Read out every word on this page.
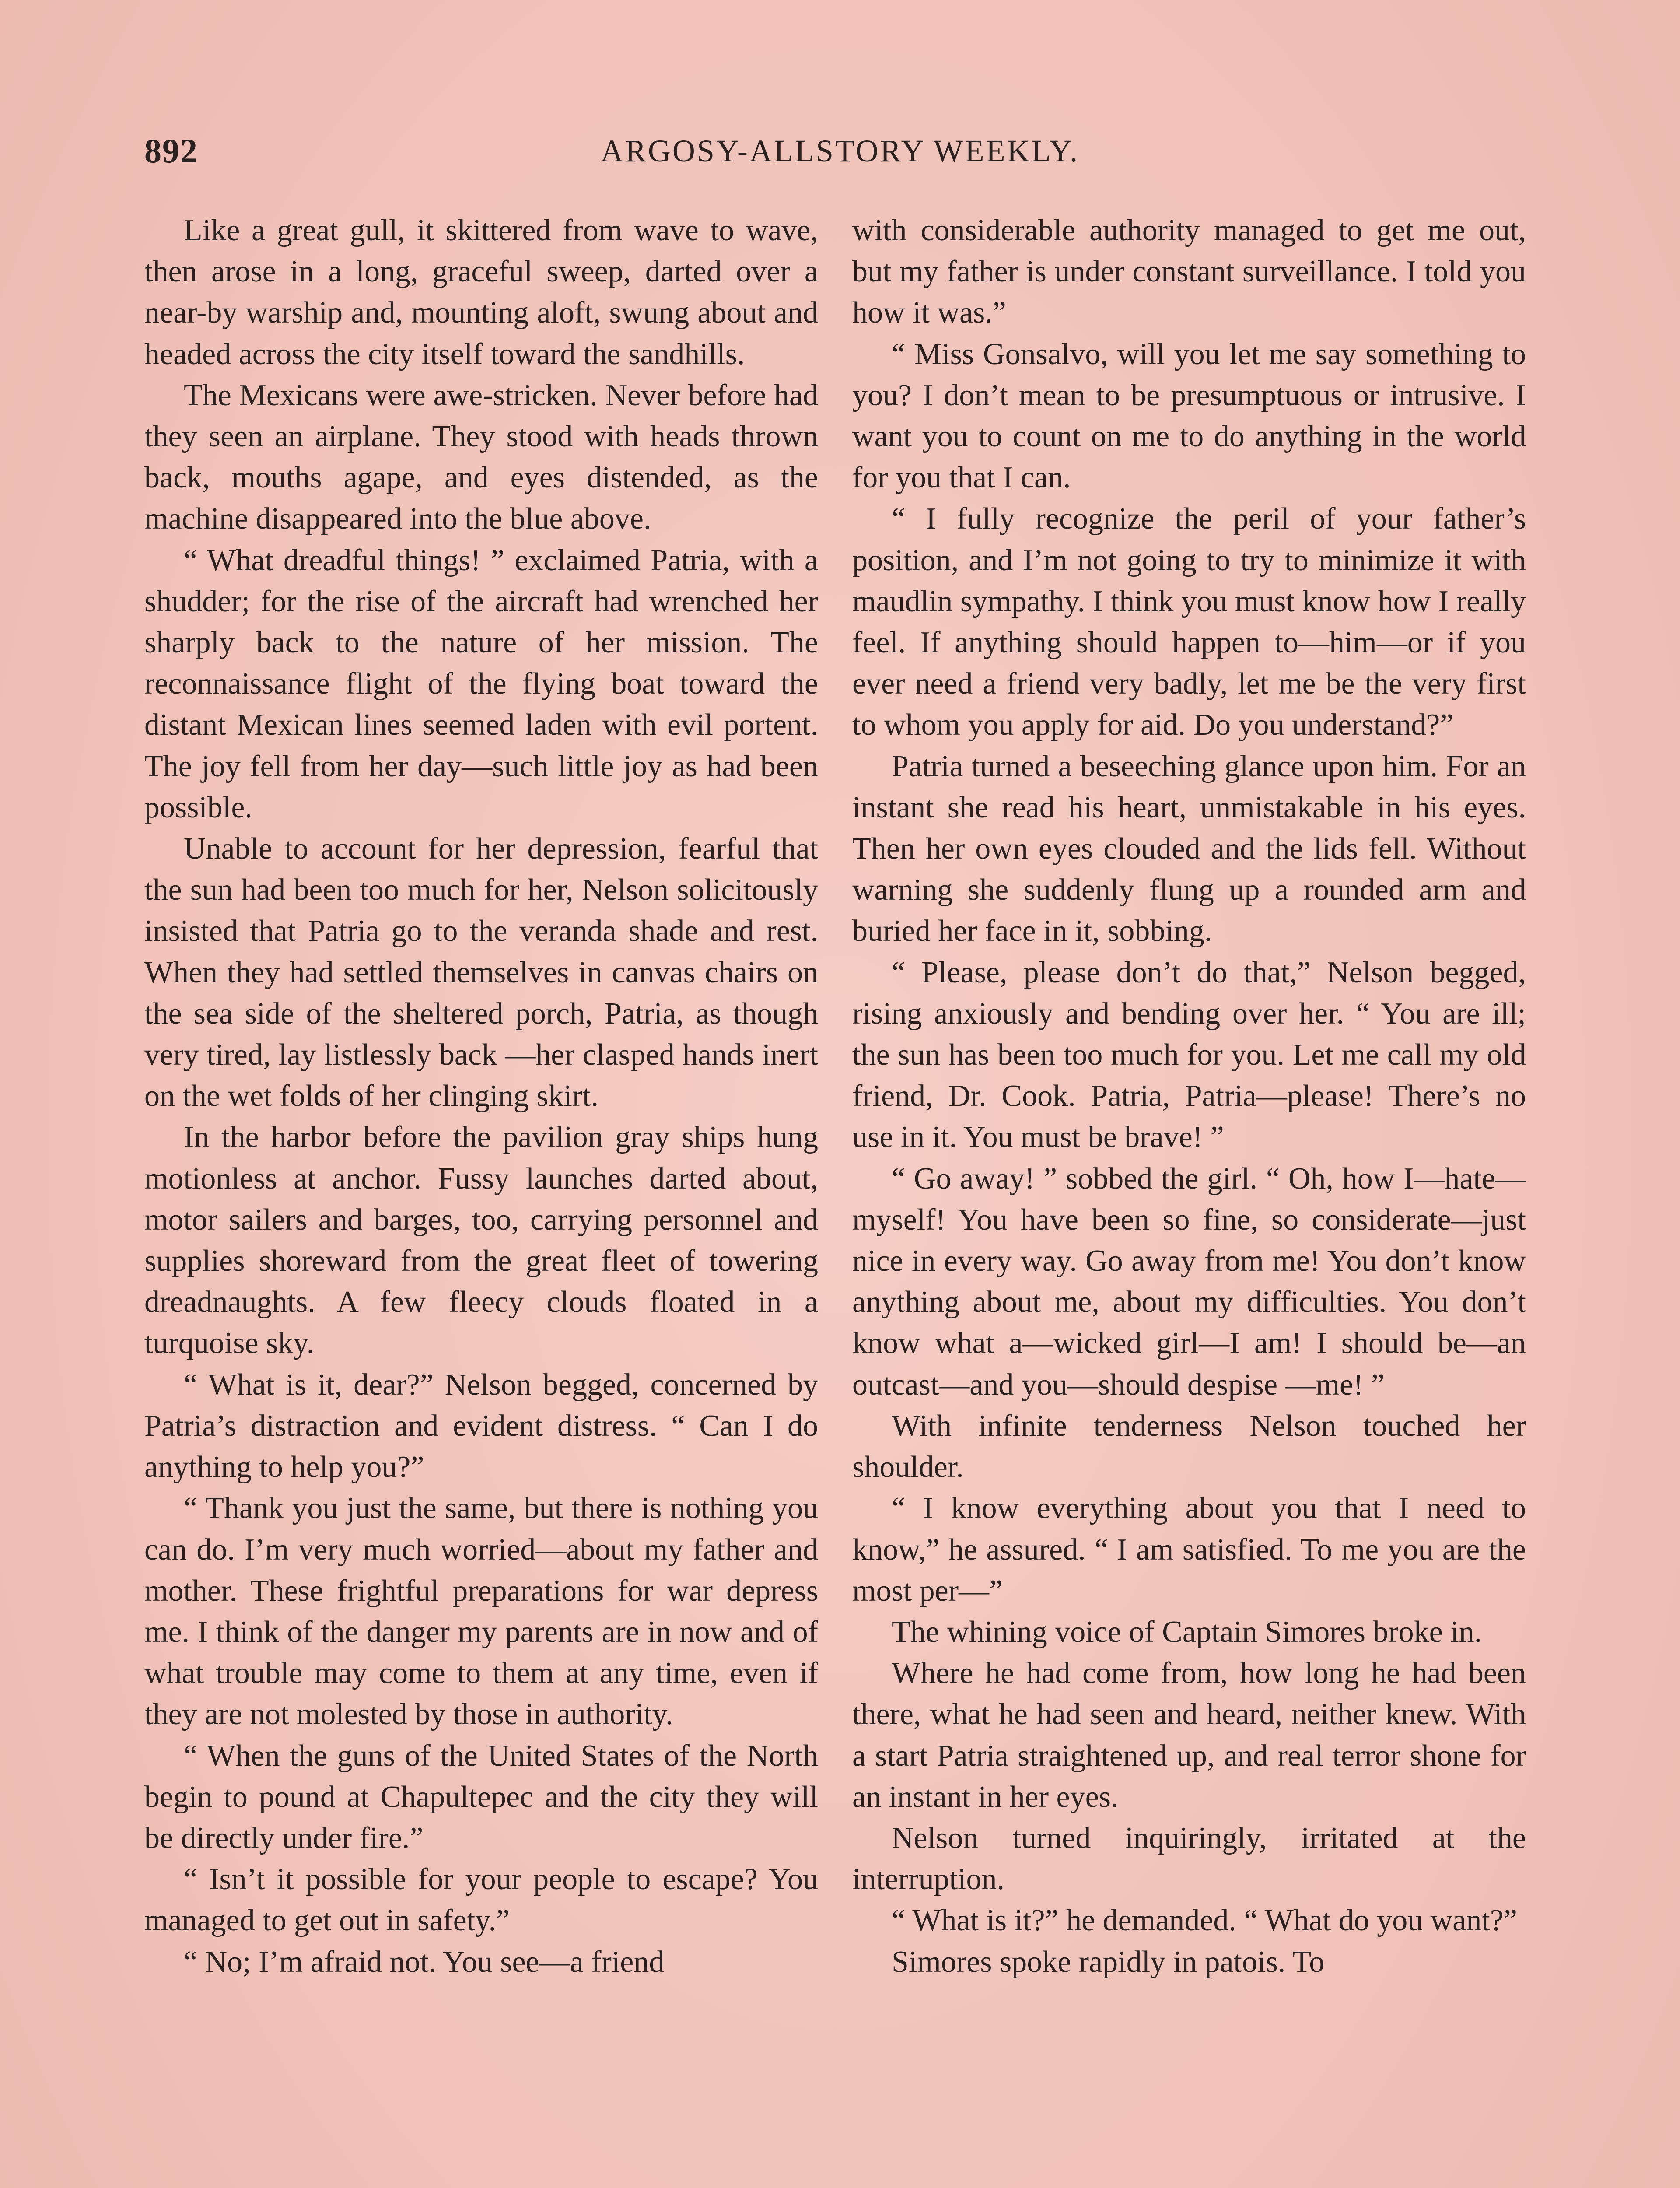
892	ARGOSY-ALLSTORY WEEKLY.

Like a great gull, it skittered from wave to wave, then arose in a long, graceful sweep, darted over a near-by warship and, mounting aloft, swung about and headed across the city itself toward the sandhills.

The Mexicans were awe-stricken. Never before had they seen an airplane. They stood with heads thrown back, mouths agape, and eyes distended, as the machine disappeared into the blue above.

“ What dreadful things! ” exclaimed Patria, with a shudder; for the rise of the aircraft had wrenched her sharply back to the nature of her mission. The reconnaissance flight of the flying boat toward the distant Mexican lines seemed laden with evil portent. The joy fell from her day—such little joy as had been possible.

Unable to account for her depression, fearful that the sun had been too much for her, Nelson solicitously insisted that Patria go to the veranda shade and rest. When they had settled themselves in canvas chairs on the sea side of the sheltered porch, Patria, as though very tired, lay listlessly back —her clasped hands inert on the wet folds of her clinging skirt.

In the harbor before the pavilion gray ships hung motionless at anchor. Fussy launches darted about, motor sailers and barges, too, carrying personnel and supplies shoreward from the great fleet of towering dreadnaughts. A few fleecy clouds floated in a turquoise sky.

“ What is it, dear?” Nelson begged, concerned by Patria’s distraction and evident distress. “ Can I do anything to help you?”

“ Thank you just the same, but there is nothing you can do. I’m very much worried—about my father and mother. These frightful preparations for war depress me. I think of the danger my parents are in now and of what trouble may come to them at any time, even if they are not molested by those in authority.

“ When the guns of the United States of the North begin to pound at Chapultepec and the city they will be directly under fire.”

“ Isn’t it possible for your people to escape? You managed to get out in safety.”

“ No; I’m afraid not. You see—a friend

with considerable authority managed to get me out, but my father is under constant surveillance. I told you how it was.”

“ Miss Gonsalvo, will you let me say something to you? I don’t mean to be presumptuous or intrusive. I want you to count on me to do anything in the world for you that I can.

“ I fully recognize the peril of your father’s position, and I’m not going to try to minimize it with maudlin sympathy. I think you must know how I really feel. If anything should happen to—him—or if you ever need a friend very badly, let me be the very first to whom you apply for aid. Do you understand?”

Patria turned a beseeching glance upon him. For an instant she read his heart, unmistakable in his eyes. Then her own eyes clouded and the lids fell. Without warning she suddenly flung up a rounded arm and buried her face in it, sobbing.

“ Please, please don’t do that,” Nelson begged, rising anxiously and bending over her. “ You are ill; the sun has been too much for you. Let me call my old friend, Dr. Cook. Patria, Patria—please! There’s no use in it. You must be brave! ”

“ Go away! ” sobbed the girl. “ Oh, how I—hate—myself! You have been so fine, so considerate—just nice in every way. Go away from me! You don’t know anything about me, about my difficulties. You don’t know what a—wicked girl—I am! I should be—an outcast—and you—should despise —me! ”

With infinite tenderness Nelson touched her shoulder.

“ I know everything about you that I need to know,” he assured. “ I am satisfied. To me you are the most per—”

The whining voice of Captain Simores broke in.

Where he had come from, how long he had been there, what he had seen and heard, neither knew. With a start Patria straightened up, and real terror shone for an instant in her eyes.

Nelson turned inquiringly, irritated at the interruption.

“ What is it?” he demanded. “ What do you want?”

Simores spoke rapidly in patois. To
